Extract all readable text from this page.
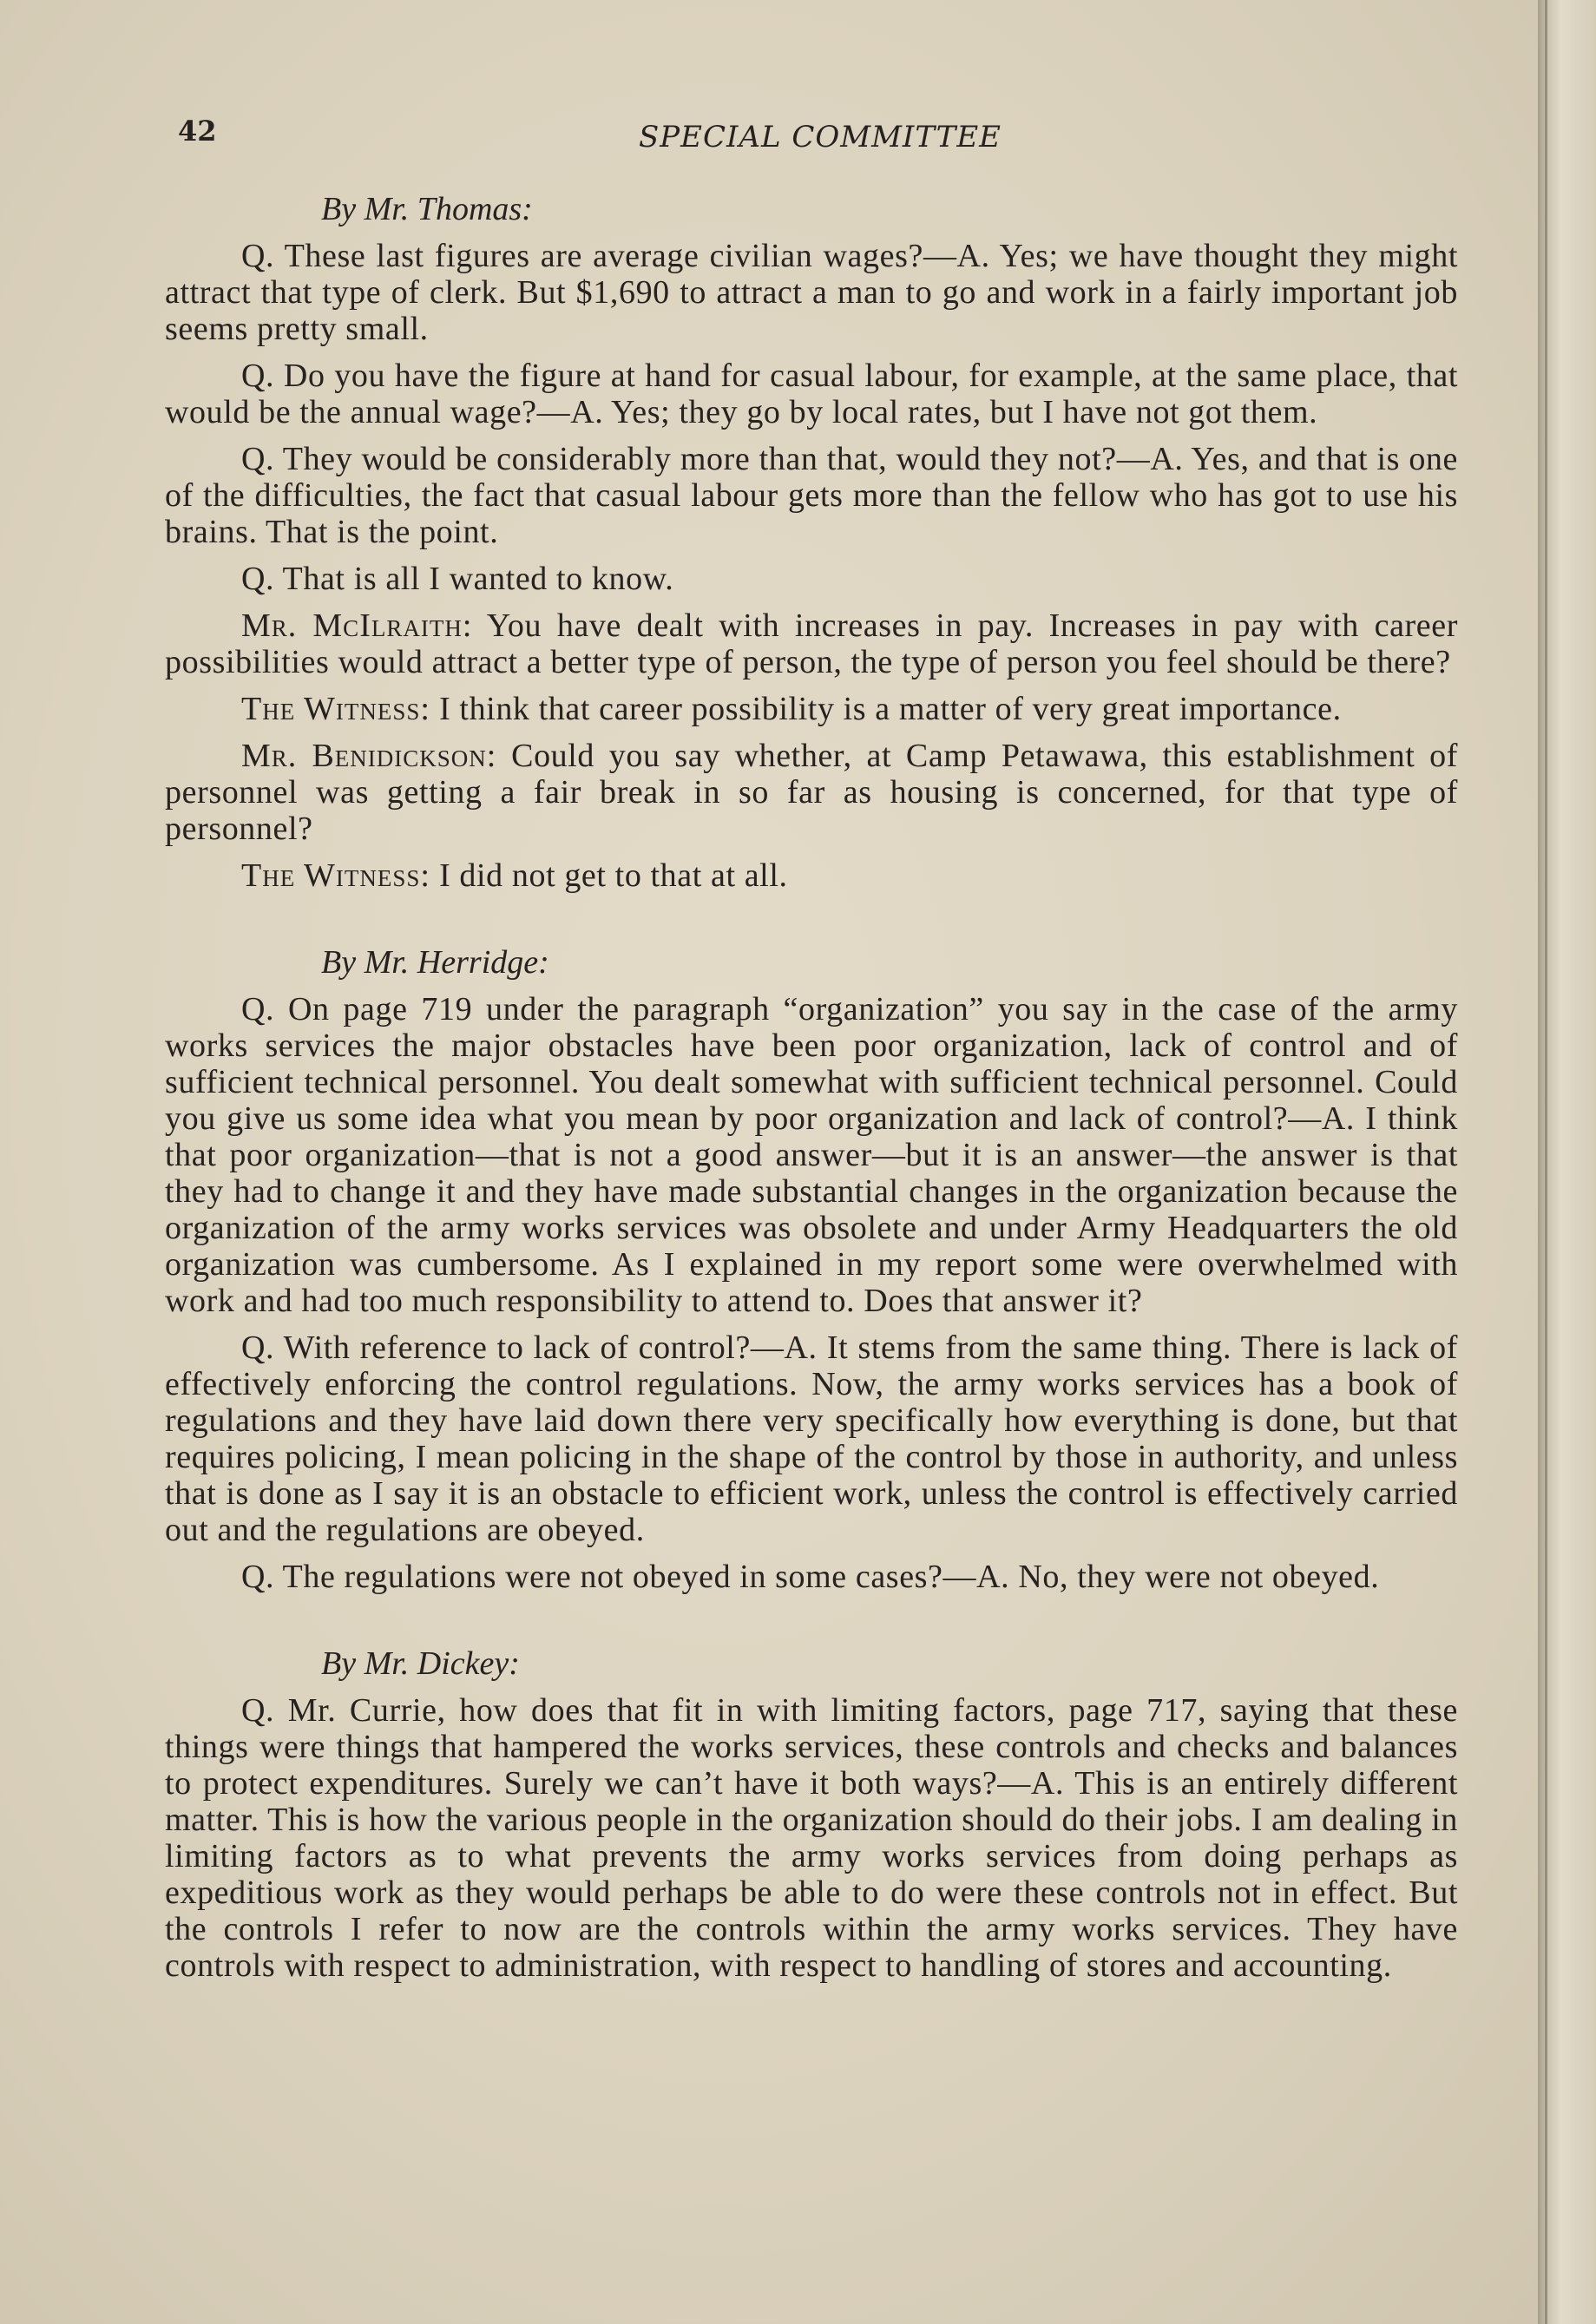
42	SPECIAL COMMITTEE
By Mr. Thomas:

Q. These last figures are average civilian wages?—A. Yes; we have thought they might attract that type of clerk. But $1,690 to attract a man to go and work in a fairly important job seems pretty small.

Q. Do you have the figure at hand for casual labour, for example, at the same place, that would be the annual wage?—A. Yes; they go by local rates, but I have not got them.

Q. They would be considerably more than that, would they not?—A. Yes, and that is one of the difficulties, the fact that casual labour gets more than the fellow who has got to use his brains. That is the point.

Q. That is all I wanted to know.

Mr. McIlraith: You have dealt with increases in pay. Increases in pay with career possibilities would attract a better type of person, the type of person you feel should be there?

The Witness: I think that career possibility is a matter of very great importance.

Mr. Benidickson: Could you say whether, at Camp Petawawa, this establishment of personnel was getting a fair break in so far as housing is concerned, for that type of personnel?

The Witness: I did not get to that at all.

By Mr. Herridge:

Q. On page 719 under the paragraph “organization” you say in the case of the army works services the major obstacles have been poor organization, lack of control and of sufficient technical personnel. You dealt somewhat with sufficient technical personnel. Could you give us some idea what you mean by poor organization and lack of control?—A. I think that poor organization—that is not a good answer—but it is an answer—the answer is that they had to change it and they have made substantial changes in the organization because the organization of the army works services was obsolete and under Army Headquarters the old organization was cumbersome. As I explained in my report some were overwhelmed with work and had too much responsibility to attend to. Does that answer it?

Q. With reference to lack of control?—A. It stems from the same thing. There is lack of effectively enforcing the control regulations. Now, the army works services has a book of regulations and they have laid down there very specifically how everything is done, but that requires policing, I mean policing in the shape of the control by those in authority, and unless that is done as I say it is an obstacle to efficient work, unless the control is effectively carried out and the regulations are obeyed.

Q. The regulations were not obeyed in some cases?—A. No, they were not obeyed.

By Mr. Dickey:

Q. Mr. Currie, how does that fit in with limiting factors, page 717, saying that these things were things that hampered the works services, these controls and checks and balances to protect expenditures. Surely we can’t have it both ways?—A. This is an entirely different matter. This is how the various people in the organization should do their jobs. I am dealing in limiting factors as to what prevents the army works services from doing perhaps as expeditious work as they would perhaps be able to do were these controls not in effect. But the controls I refer to now are the controls within the army works services. They have controls with respect to administration, with respect to handling of stores and accounting.
